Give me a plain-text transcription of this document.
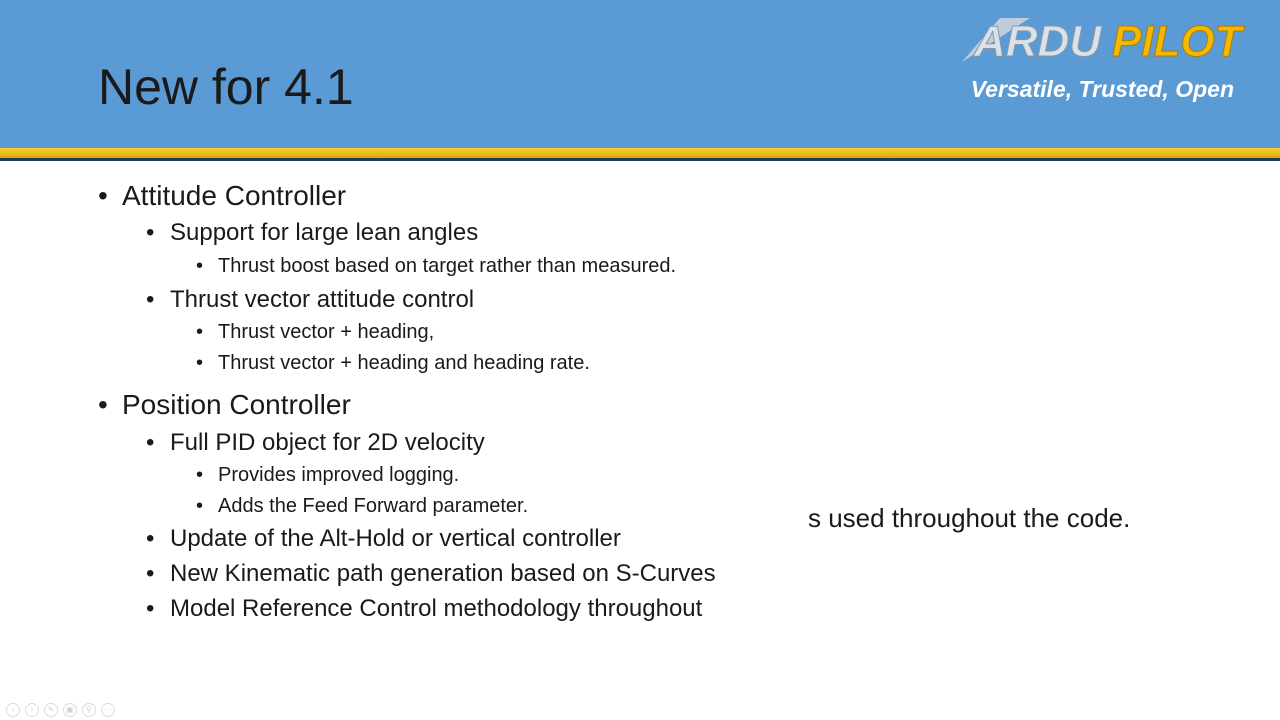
New for 4.1
ARDU PILOT
Versatile, Trusted, Open
• Attitude Controller
• Support for large lean angles
• Thrust boost based on target rather than measured.
• Thrust vector attitude control
• Thrust vector + heading,
• Thrust vector + heading and heading rate.
• Position Controller
• Full PID object for 2D velocity
• Provides improved logging.
• Adds the Feed Forward parameter.
• Update of the Alt-Hold or vertical controller
• New Kinematic path generation based on S-Curves
• Model Reference Control methodology throughout
s used throughout the code.
‹	›	✎	▣	⚲	⋯
